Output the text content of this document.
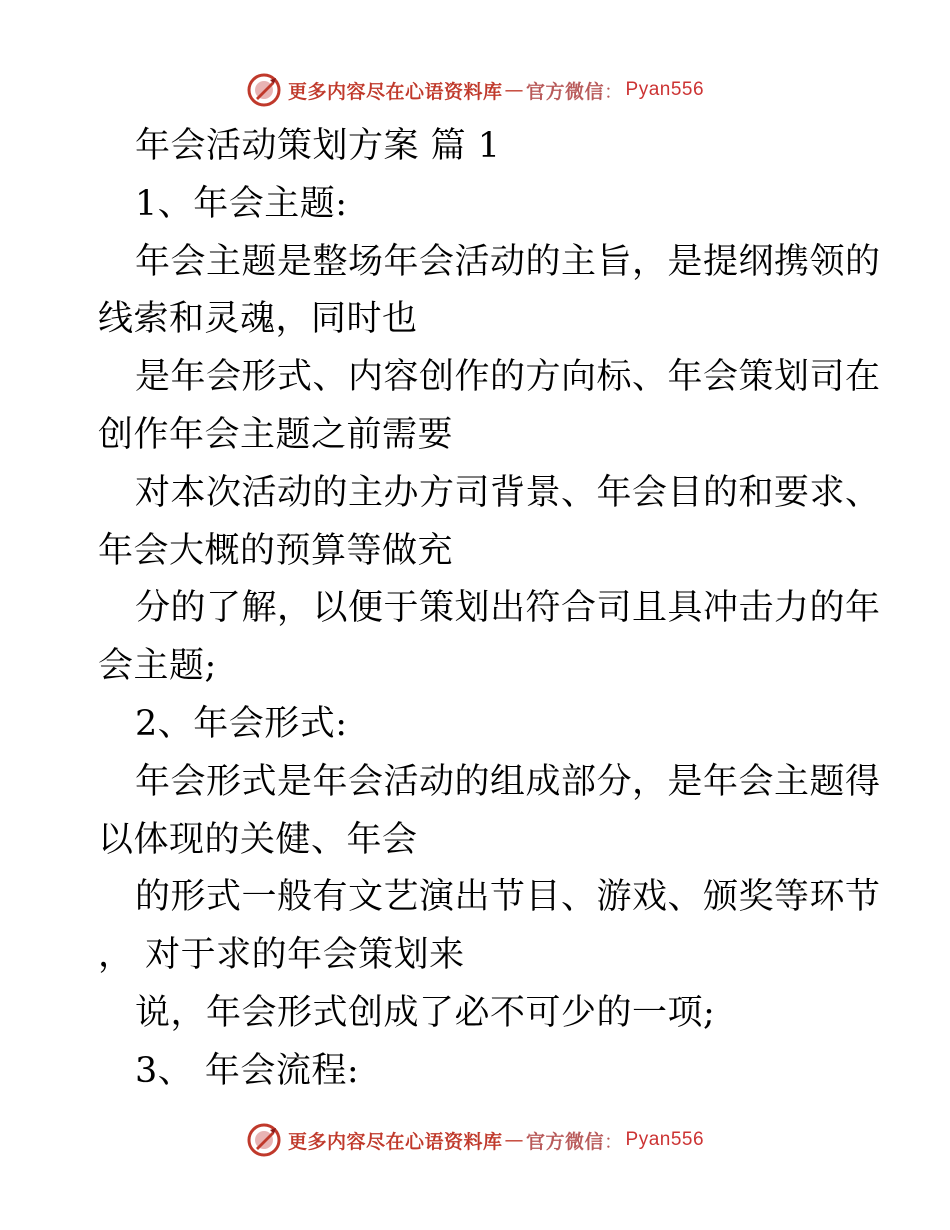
更多内容尽在心语资料库 — 官方微信 ： Pyan556
年会活动策划方案 篇 1
1、年会主题:
年会主题是整场年会活动的主旨，是提纲携领的
线索和灵魂，同时也
是年会形式、内容创作的方向标、年会策划司在
创作年会主题之前需要
对本次活动的主办方司背景、年会目的和要求、
年会大概的预算等做充
分的了解，以便于策划出符合司且具冲击力的年
会主题;
2、年会形式:
年会形式是年会活动的组成部分，是年会主题得
以体现的关健、年会
的形式一般有文艺演出节目、游戏、颁奖等环节
， 对于求的年会策划来
说，年会形式创成了必不可少的一项;
3、 年会流程:
更多内容尽在心语资料库 — 官方微信 ： Pyan556
